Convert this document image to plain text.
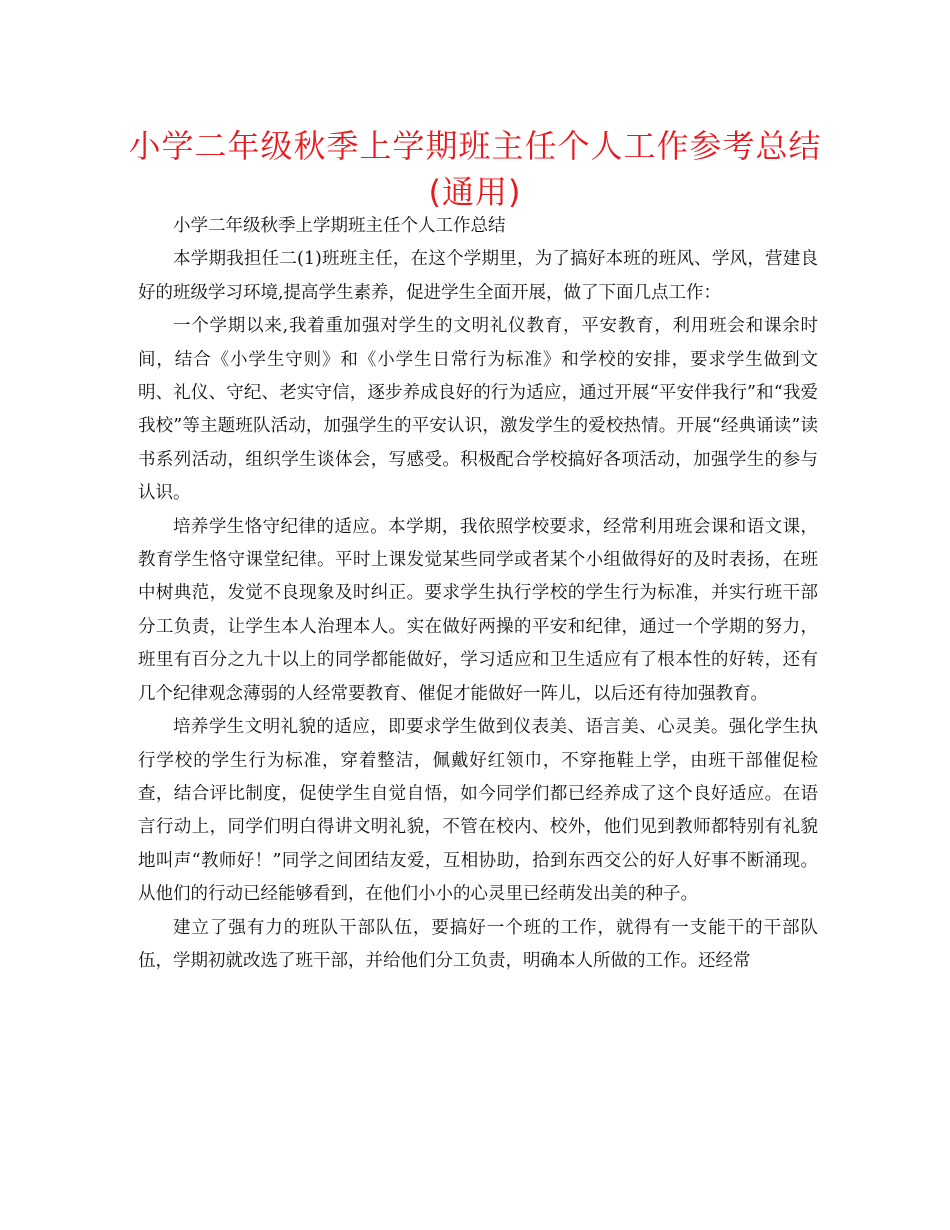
小学二年级秋季上学期班主任个人工作参考总结
(通用)

小学二年级秋季上学期班主任个人工作总结

本学期我担任二(1)班班主任，在这个学期里，为了搞好本班的班风、学风，营建良好的班级学习环境,提高学生素养，促进学生全面开展，做了下面几点工作：

一个学期以来,我着重加强对学生的文明礼仪教育，平安教育，利用班会和课余时间，结合《小学生守则》和《小学生日常行为标准》和学校的安排，要求学生做到文明、礼仪、守纪、老实守信，逐步养成良好的行为适应，通过开展“平安伴我行”和“我爱我校”等主题班队活动，加强学生的平安认识，激发学生的爱校热情。开展“经典诵读”读书系列活动，组织学生谈体会，写感受。积极配合学校搞好各项活动，加强学生的参与认识。

培养学生恪守纪律的适应。本学期，我依照学校要求，经常利用班会课和语文课，教育学生恪守课堂纪律。平时上课发觉某些同学或者某个小组做得好的及时表扬，在班中树典范，发觉不良现象及时纠正。要求学生执行学校的学生行为标准，并实行班干部分工负责，让学生本人治理本人。实在做好两操的平安和纪律，通过一个学期的努力，班里有百分之九十以上的同学都能做好，学习适应和卫生适应有了根本性的好转，还有几个纪律观念薄弱的人经常要教育、催促才能做好一阵儿，以后还有待加强教育。

培养学生文明礼貌的适应，即要求学生做到仪表美、语言美、心灵美。强化学生执行学校的学生行为标准，穿着整洁，佩戴好红领巾，不穿拖鞋上学，由班干部催促检查，结合评比制度，促使学生自觉自悟，如今同学们都已经养成了这个良好适应。在语言行动上，同学们明白得讲文明礼貌，不管在校内、校外，他们见到教师都特别有礼貌地叫声“教师好！”同学之间团结友爱，互相协助，拾到东西交公的好人好事不断涌现。从他们的行动已经能够看到，在他们小小的心灵里已经萌发出美的种子。

建立了强有力的班队干部队伍，要搞好一个班的工作，就得有一支能干的干部队伍，学期初就改选了班干部，并给他们分工负责，明确本人所做的工作。还经常
